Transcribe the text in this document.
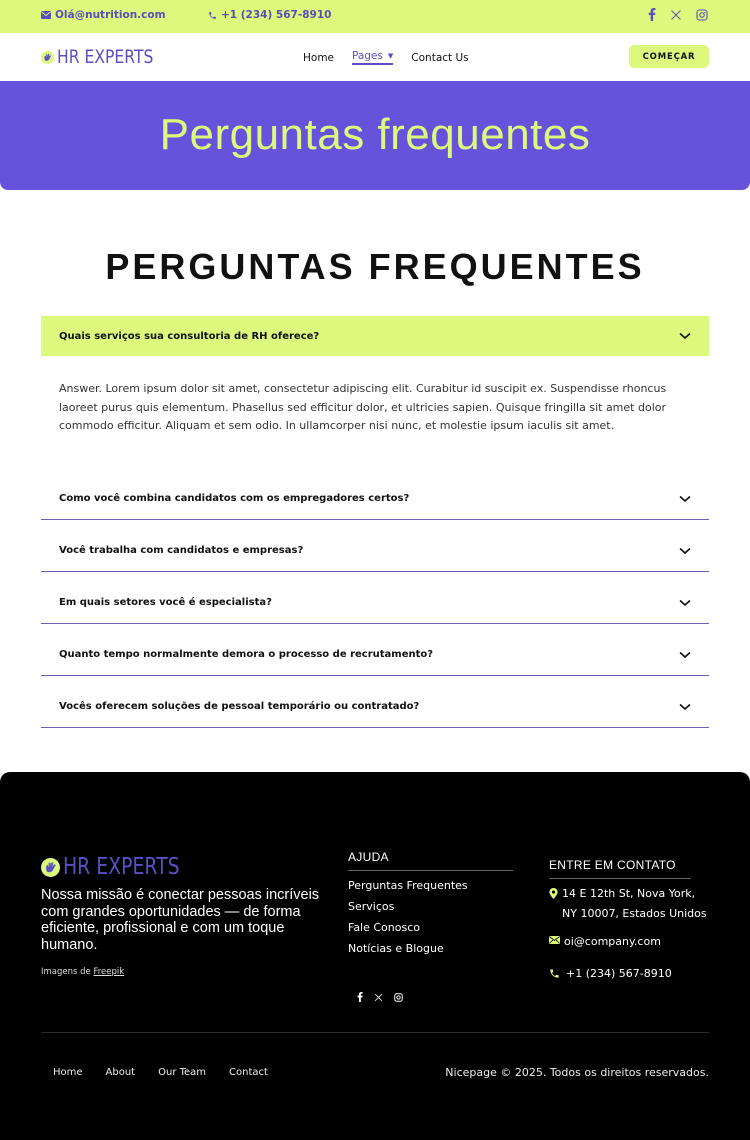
Olá@nutrition.com	+1 (234) 567-8910
HR EXPERTS	Home Pages ▼ Contact Us	COMEÇAR
Perguntas frequentes
PERGUNTAS FREQUENTES
Quais serviços sua consultoria de RH oferece?
Answer. Lorem ipsum dolor sit amet, consectetur adipiscing elit. Curabitur id suscipit ex. Suspendisse rhoncus laoreet purus quis elementum. Phasellus sed efficitur dolor, et ultricies sapien. Quisque fringilla sit amet dolor commodo efficitur. Aliquam et sem odio. In ullamcorper nisi nunc, et molestie ipsum iaculis sit amet.
Como você combina candidatos com os empregadores certos?
Você trabalha com candidatos e empresas?
Em quais setores você é especialista?
Quanto tempo normalmente demora o processo de recrutamento?
Vocês oferecem soluções de pessoal temporário ou contratado?
HR EXPERTS

Nossa missão é conectar pessoas incríveis com grandes oportunidades — de forma eficiente, profissional e com um toque humano.

Imagens de Freepik
AJUDA
Perguntas Frequentes
Serviços
Fale Conosco
Notícias e Blogue
ENTRE EM CONTATO
14 E 12th St, Nova York, NY 10007, Estados Unidos
oi@company.com
+1 (234) 567-8910
Home About Our Team Contact	Nicepage © 2025. Todos os direitos reservados.
